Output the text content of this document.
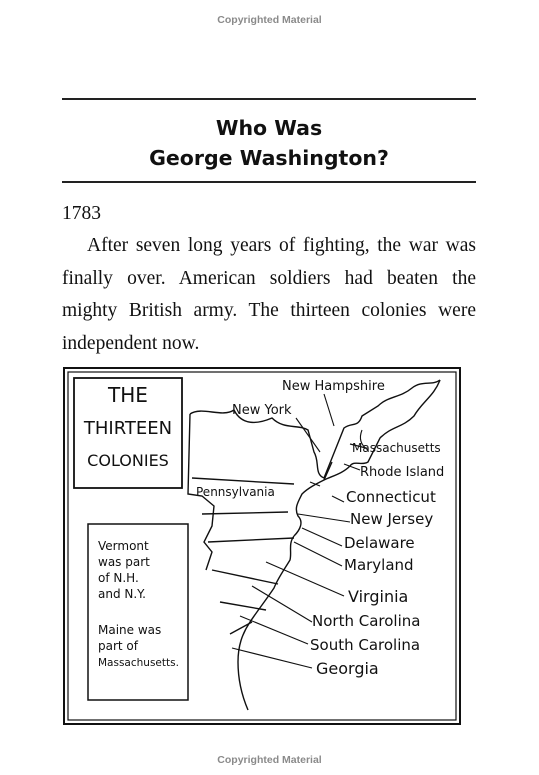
Copyrighted Material
Who Was
George Washington?
1783
After seven long years of fighting, the war was finally over. American soldiers had beaten the mighty British army. The thirteen colonies were independent now.
THE
THIRTEEN
COLONIES
Vermont
was part
of N.H.
and N.Y.
Maine was
part of
Massachusetts.
New Hampshire
New York
Massachusetts
Rhode Island
Pennsylvania	Connecticut
New Jersey
Delaware
Maryland
Virginia
North Carolina
South Carolina
Georgia
Copyrighted Material
